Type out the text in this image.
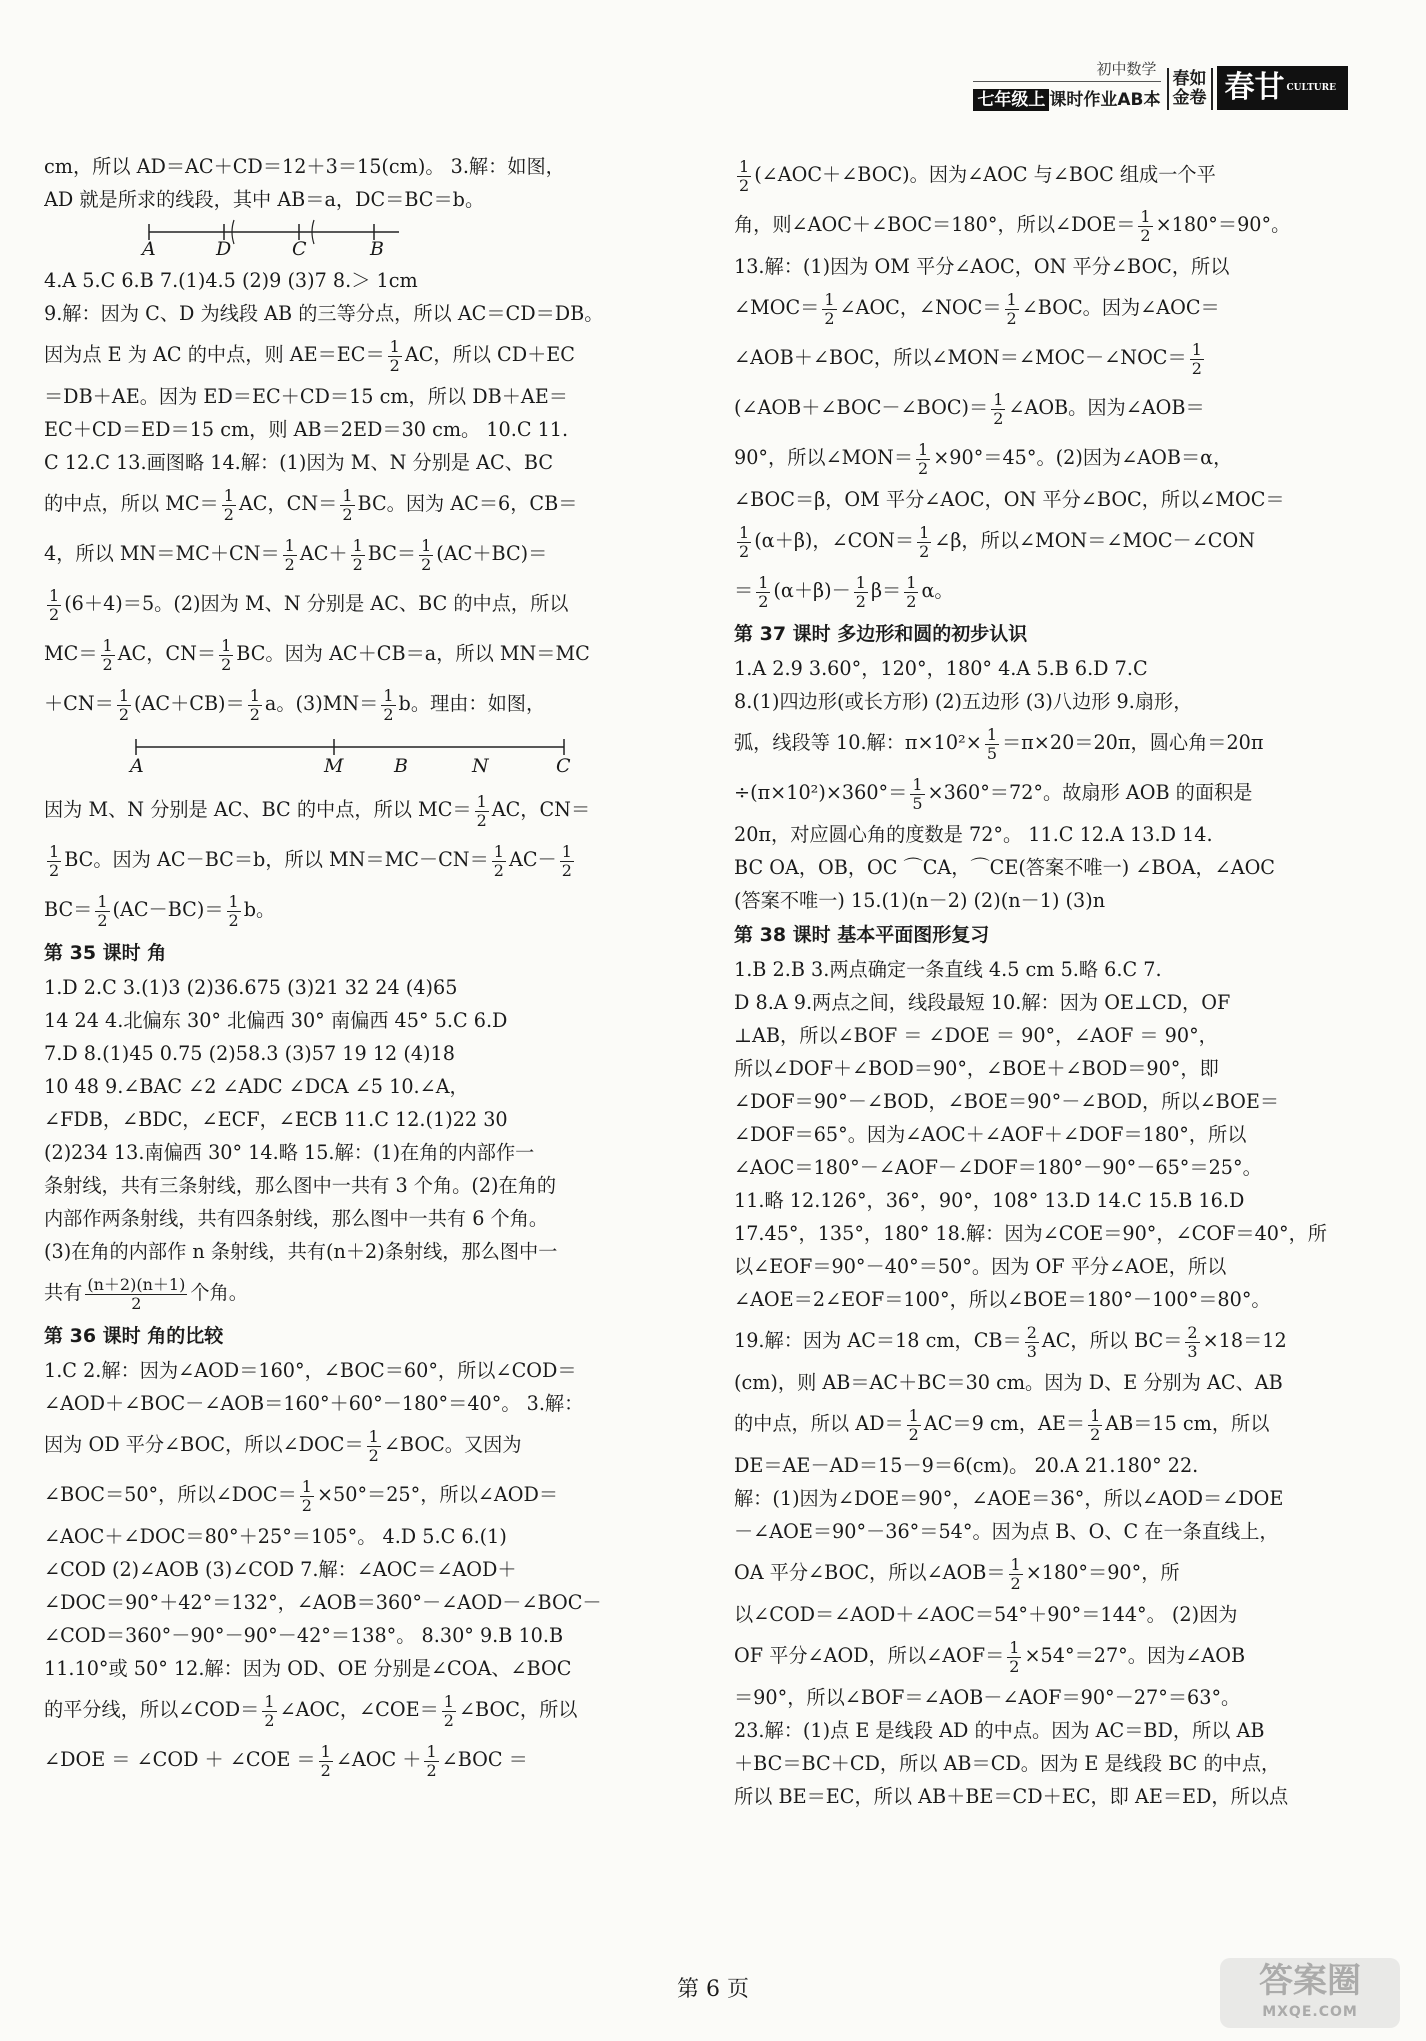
初中数学
七年级上 课时作业AB本
春如
金卷 春甘 $^{CULTURE}$
cm，所以 AD＝AC＋CD＝12＋3＝15(cm)。 3.解：如图，
AD 就是所求的线段，其中 AB＝a，DC＝BC＝b。
A	D	C	B
4.A 5.C 6.B 7.(1)4.5 (2)9 (3)7 8.＞ 1cm
9.解：因为 C、D 为线段 AB 的三等分点，所以 AC＝CD＝DB。
因为点 E 为 AC 的中点，则 $AE=EC= \frac{1}{2}$ AC，所以 CD＋EC
＝DB＋AE。因为 ED＝EC＋CD＝15 cm，所以 DB＋AE＝
EC＋CD＝ED＝15 cm，则 AB＝2ED＝30 cm。 10.C 11.
C 12.C 13.画图略 14.解：(1)因为 M、N 分别是 AC、BC
的中点，所以 $MC= \frac{1}{2}$ AC，$CN= \frac{1}{2}$ BC。因为 AC＝6，CB＝
4，所以 $MN=MC+CN= \frac{1}{2} AC+ \frac{1}{2} BC= \frac{1}{2} (AC+BC)=$
$\frac{1}{2} (6+4)=5$。(2)因为 M、N 分别是 AC、BC 的中点，所以
$MC= \frac{1}{2}$ AC，$CN= \frac{1}{2}$ BC。因为 AC＋CB＝a，所以 MN＝MC
$+CN= \frac{1}{2} (AC+CB)= \frac{1}{2}$ a。$(3)MN= \frac{1}{2}$ b。理由：如图，
A	M	B	N	C
因为 M、N 分别是 AC、BC 的中点，所以 $MC= \frac{1}{2}$ AC，CN＝
$\frac{1}{2}$ BC。因为 AC－BC＝b，所以 $MN=MC-CN= \frac{1}{2} AC- \frac{1}{2}$
$BC= \frac{1}{2} (AC-BC)= \frac{1}{2}$ b。
第 35 课时 角
1.D 2.C 3.(1)3 (2)36.675 (3)21 32 24 (4)65
14 24 4.北偏东 30° 北偏西 30° 南偏西 45° 5.C 6.D
7.D 8.(1)45 0.75 (2)58.3 (3)57 19 12 (4)18
10 48 9.∠BAC ∠2 ∠ADC ∠DCA ∠5 10.∠A，
∠FDB，∠BDC，∠ECF，∠ECB 11.C 12.(1)22 30
(2)234 13.南偏西 30° 14.略 15.解：(1)在角的内部作一
条射线，共有三条射线，那么图中一共有 3 个角。(2)在角的
内部作两条射线，共有四条射线，那么图中一共有 6 个角。
(3)在角的内部作 n 条射线，共有(n＋2)条射线，那么图中一
共有 $\frac{(n+2)(n+1)}{2}$ 个角。
第 36 课时 角的比较
1.C 2.解：因为∠AOD＝160°，∠BOC＝60°，所以∠COD＝
∠AOD＋∠BOC－∠AOB＝160°＋60°－180°＝40°。 3.解：
因为 OD 平分∠BOC，所以∠DOC＝ $\frac{1}{2}$ ∠BOC。又因为
∠BOC＝50°，所以∠DOC＝ $\frac{1}{2} \times 50^\circ=25^\circ$，所以∠AOD＝
∠AOC＋∠DOC＝80°＋25°＝105°。 4.D 5.C 6.(1)
∠COD (2)∠AOB (3)∠COD 7.解：∠AOC＝∠AOD＋
∠DOC＝90°＋42°＝132°，∠AOB＝360°－∠AOD－∠BOC－
∠COD＝360°－90°－90°－42°＝138°。 8.30° 9.B 10.B
11.10°或 50° 12.解：因为 OD、OE 分别是∠COA、∠BOC
的平分线，所以∠COD＝ $\frac{1}{2}$ ∠AOC，∠COE＝ $\frac{1}{2}$ ∠BOC，所以
∠DOE ＝ ∠COD ＋ ∠COE ＝ $\frac{1}{2}$ ∠AOC ＋ $\frac{1}{2}$ ∠BOC ＝
$\frac{1}{2}$ (∠AOC＋∠BOC)。因为∠AOC 与∠BOC 组成一个平
角，则∠AOC＋∠BOC＝180°，所以∠DOE＝ $\frac{1}{2} \times 180^\circ=90^\circ$。
13.解：(1)因为 OM 平分∠AOC，ON 平分∠BOC，所以
∠MOC＝ $\frac{1}{2}$ ∠AOC，∠NOC＝ $\frac{1}{2}$ ∠BOC。因为∠AOC＝
∠AOB＋∠BOC，所以∠MON＝∠MOC－∠NOC＝ $\frac{1}{2}$
(∠AOB＋∠BOC－∠BOC)＝ $\frac{1}{2}$ ∠AOB。因为∠AOB＝
90°，所以∠MON＝ $\frac{1}{2} \times 90^\circ=45^\circ$。(2)因为∠AOB＝α，
∠BOC＝β，OM 平分∠AOC，ON 平分∠BOC，所以∠MOC＝
$\frac{1}{2} (\alpha+\beta)$，∠CON＝ $\frac{1}{2}$ ∠β，所以∠MON＝∠MOC－∠CON
＝ $\frac{1}{2} (\alpha+\beta)- \frac{1}{2} \beta= \frac{1}{2}$ α。
第 37 课时 多边形和圆的初步认识
1.A 2.9 3.60°，120°，180° 4.A 5.B 6.D 7.C
8.(1)四边形(或长方形) (2)五边形 (3)八边形 9.扇形，
弧，线段等 10.解：$\pi\times 10^2\times \frac{1}{5} =\pi\times 20=20\pi$，圆心角＝20π
$\div(\pi\times 10^2)\times 360^\circ= \frac{1}{5} \times 360^\circ=72^\circ$。故扇形 AOB 的面积是
20π，对应圆心角的度数是 72°。 11.C 12.A 13.D 14.
BC OA，OB，OC ⌒CA，⌒CE(答案不唯一) ∠BOA，∠AOC
(答案不唯一) 15.(1)(n－2) (2)(n－1) (3)n
第 38 课时 基本平面图形复习
1.B 2.B 3.两点确定一条直线 4.5 cm 5.略 6.C 7.
D 8.A 9.两点之间，线段最短 10.解：因为 OE⊥CD，OF
⊥AB，所以∠BOF ＝ ∠DOE ＝ 90°，∠AOF ＝ 90°，
所以∠DOF＋∠BOD＝90°，∠BOE＋∠BOD＝90°，即
∠DOF＝90°－∠BOD，∠BOE＝90°－∠BOD，所以∠BOE＝
∠DOF＝65°。因为∠AOC＋∠AOF＋∠DOF＝180°，所以
∠AOC＝180°－∠AOF－∠DOF＝180°－90°－65°＝25°。
11.略 12.126°，36°，90°，108° 13.D 14.C 15.B 16.D
17.45°，135°，180° 18.解：因为∠COE＝90°，∠COF＝40°，所
以∠EOF＝90°－40°＝50°。因为 OF 平分∠AOE，所以
∠AOE＝2∠EOF＝100°，所以∠BOE＝180°－100°＝80°。
19.解：因为 AC＝18 cm，$CB= \frac{2}{3}$ AC，所以 $BC= \frac{2}{3} \times 18=12$
(cm)，则 AB＝AC＋BC＝30 cm。因为 D、E 分别为 AC、AB
的中点，所以 $AD= \frac{1}{2} AC=9$ cm，$AE= \frac{1}{2} AB=15$ cm，所以
DE＝AE－AD＝15－9＝6(cm)。 20.A 21.180° 22.
解：(1)因为∠DOE＝90°，∠AOE＝36°，所以∠AOD＝∠DOE
－∠AOE＝90°－36°＝54°。因为点 B、O、C 在一条直线上，
OA 平分∠BOC，所以∠AOB＝ $\frac{1}{2} \times 180^\circ=90^\circ$，所
以∠COD＝∠AOD＋∠AOC＝54°＋90°＝144°。 (2)因为
OF 平分∠AOD，所以∠AOF＝ $\frac{1}{2} \times 54^\circ=27^\circ$。因为∠AOB
＝90°，所以∠BOF＝∠AOB－∠AOF＝90°－27°＝63°。
23.解：(1)点 E 是线段 AD 的中点。因为 AC＝BD，所以 AB
＋BC＝BC＋CD，所以 AB＝CD。因为 E 是线段 BC 的中点，
所以 BE＝EC，所以 AB＋BE＝CD＋EC，即 AE＝ED，所以点
第 6 页	答案圈
MXQE.COM
